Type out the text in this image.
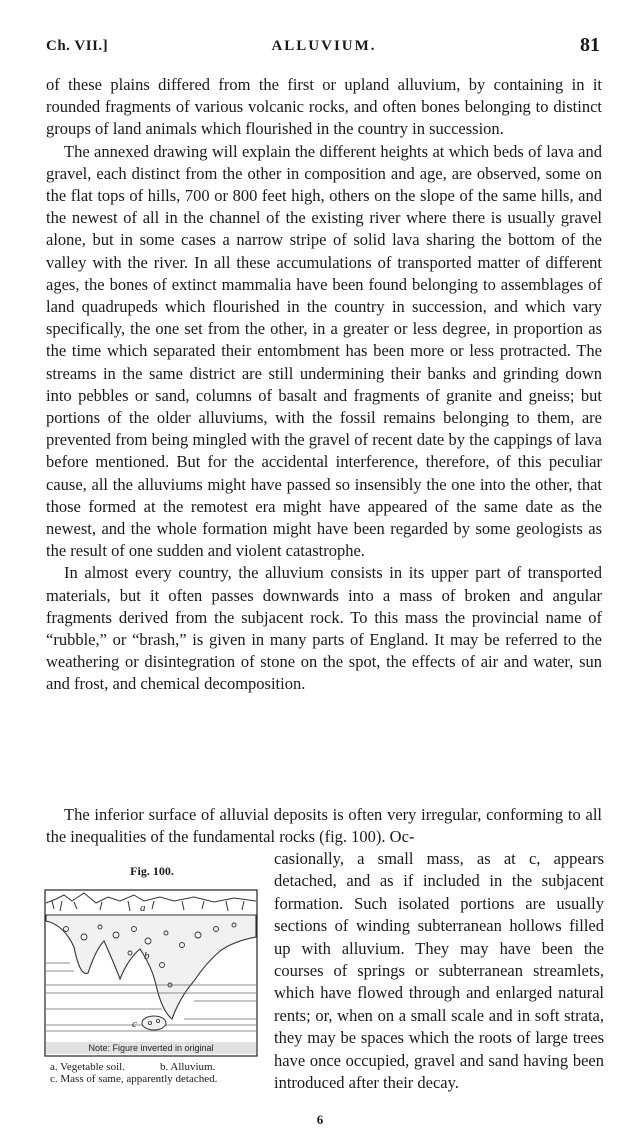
Ch. VII.]	ALLUVIUM.	81

of these plains differed from the first or upland alluvium, by containing in it rounded fragments of various volcanic rocks, and often bones belonging to distinct groups of land animals which flourished in the country in succession.

The annexed drawing will explain the different heights at which beds of lava and gravel, each distinct from the other in composition and age, are observed, some on the flat tops of hills, 700 or 800 feet high, others on the slope of the same hills, and the newest of all in the channel of the existing river where there is usually gravel alone, but in some cases a narrow stripe of solid lava sharing the bottom of the valley with the river. In all these accumulations of transported matter of different ages, the bones of extinct mammalia have been found belonging to assemblages of land quadrupeds which flourished in the country in succession, and which vary specifically, the one set from the other, in a greater or less degree, in proportion as the time which separated their entombment has been more or less protracted. The streams in the same district are still undermining their banks and grinding down into pebbles or sand, columns of basalt and fragments of granite and gneiss; but portions of the older alluviums, with the fossil remains belonging to them, are prevented from being mingled with the gravel of recent date by the cappings of lava before mentioned. But for the accidental interference, therefore, of this peculiar cause, all the alluviums might have passed so insensibly the one into the other, that those formed at the remotest era might have appeared of the same date as the newest, and the whole formation might have been regarded by some geologists as the result of one sudden and violent catastrophe.

In almost every country, the alluvium consists in its upper part of transported materials, but it often passes downwards into a mass of broken and angular fragments derived from the subjacent rock. To this mass the provincial name of “rubble,” or “brash,” is given in many parts of England. It may be referred to the weathering or disintegration of stone on the spot, the effects of air and water, sun and frost, and chemical decomposition.

The inferior surface of alluvial deposits is often very irregular, conforming to all the inequalities of the fundamental rocks (fig. 100). Oc-

Fig. 100.
a
b
c
Note: Figure inverted in original
a. Vegetable soil.	b. Alluvium.
c. Mass of same, apparently detached.

casionally, a small mass, as at c, appears detached, and as if included in the subjacent formation. Such isolated portions are usually sections of winding subterranean hollows filled up with alluvium. They may have been the courses of springs or subterranean streamlets, which have flowed through and enlarged natural rents; or, when on a small scale and in soft strata, they may be spaces which the roots of large trees have once occupied, gravel and sand having been introduced after their decay.

6
